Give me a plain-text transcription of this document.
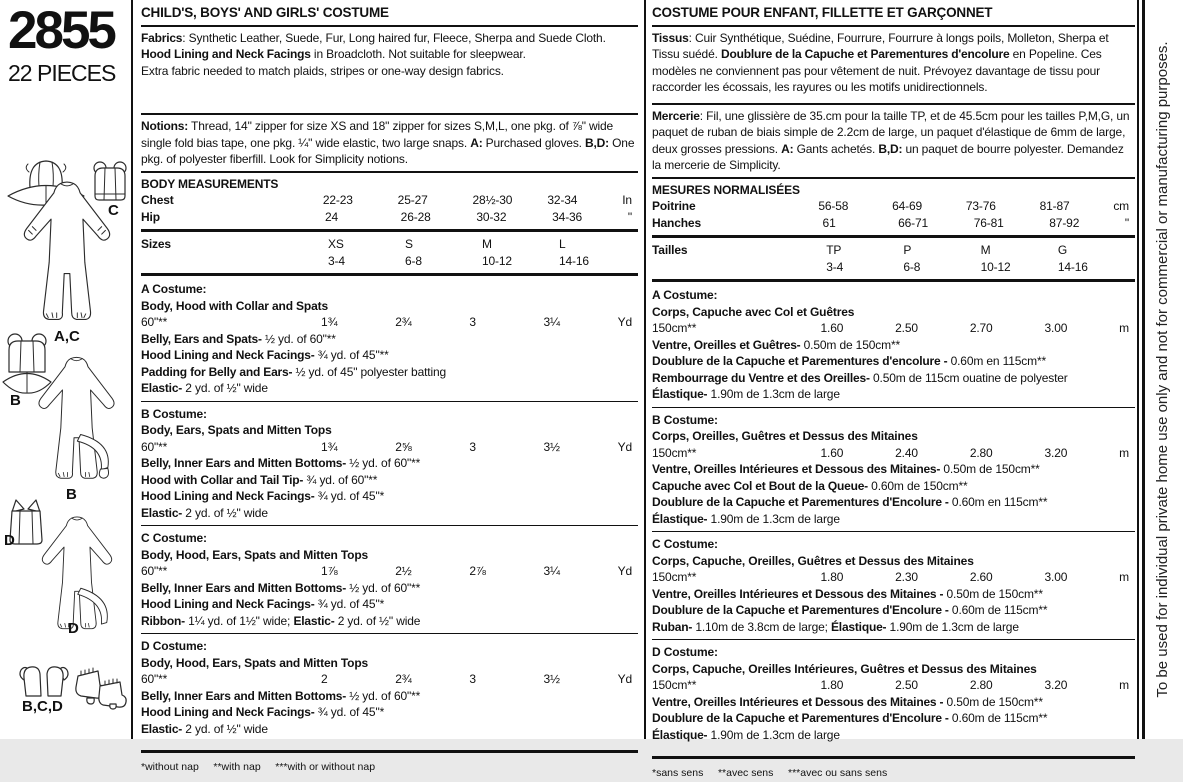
2855
22 PIECES
C
A,C
B
B
D
D
B,C,D
CHILD'S, BOYS' AND GIRLS' COSTUME

Fabrics: Synthetic Leather, Suede, Fur, Long haired fur, Fleece, Sherpa and Suede Cloth.
Hood Lining and Neck Facings in Broadcloth. Not suitable for sleepwear.
Extra fabric needed to match plaids, stripes or one-way design fabrics.

Notions: Thread, 14" zipper for size XS and 18" zipper for sizes S,M,L, one pkg. of ⅞" wide single fold bias tape, one pkg. ¼" wide elastic, two large snaps. A: Purchased gloves. B,D: One pkg. of polyester fiberfill. Look for Simplicity notions.

BODY MEASUREMENTS
Chest	22-23	25-27	28½-30	32-34	In
Hip	24	26-28	30-32	34-36	"
Sizes	XS	S	M	L
3-4	6-8	10-12	14-16
A Costume:
Body, Hood with Collar and Spats
60"**	1¾	2¾	3	3¼	Yd
Belly, Ears and Spats- ½ yd. of 60"**
Hood Lining and Neck Facings- ¾ yd. of 45"**
Padding for Belly and Ears- ½ yd. of 45" polyester batting
Elastic- 2 yd. of ½" wide
B Costume:
Body, Ears, Spats and Mitten Tops
60"**	1¾	2⅝	3	3½	Yd
Belly, Inner Ears and Mitten Bottoms- ½ yd. of 60"**
Hood with Collar and Tail Tip- ¾ yd. of 60"**
Hood Lining and Neck Facings- ¾ yd. of 45"*
Elastic- 2 yd. of ½" wide
C Costume:
Body, Hood, Ears, Spats and Mitten Tops
60"**	1⅞	2½	2⅞	3¼	Yd
Belly, Inner Ears and Mitten Bottoms- ½ yd. of 60"**
Hood Lining and Neck Facings- ¾ yd. of 45"*
Ribbon- 1¼ yd. of 1½" wide; Elastic- 2 yd. of ½" wide
D Costume:
Body, Hood, Ears, Spats and Mitten Tops
60"**	2	2¾	3	3½	Yd
Belly, Inner Ears and Mitten Bottoms- ½ yd. of 60"**
Hood Lining and Neck Facings- ¾ yd. of 45"*
Elastic- 2 yd. of ½" wide
*without nap     **with nap     ***with or without nap
COSTUME POUR ENFANT, FILLETTE ET GARÇONNET

Tissus: Cuir Synthétique, Suédine, Fourrure, Fourrure à longs poils, Molleton, Sherpa et Tissu suédé. Doublure de la Capuche et Parementures d'encolure en Popeline. Ces modèles ne conviennent pas pour vêtement de nuit. Prévoyez davantage de tissu pour raccorder les écossais, les rayures ou les motifs unidirectionnels.

Mercerie: Fil, une glissière de 35.cm pour la taille TP, et de 45.5cm pour les tailles P,M,G, un paquet de ruban de biais simple de 2.2cm de large, un paquet d'élastique de 6mm de large, deux grosses pressions. A: Gants achetés. B,D: un paquet de bourre polyester. Demandez la mercerie de Simplicity.

MESURES NORMALISÉES
Poitrine	56-58	64-69	73-76	81-87	cm
Hanches	61	66-71	76-81	87-92	"
Tailles	TP	P	M	G
3-4	6-8	10-12	14-16
A Costume:
Corps, Capuche avec Col et Guêtres
150cm**	1.60	2.50	2.70	3.00	m
Ventre, Oreilles et Guêtres- 0.50m de 150cm**
Doublure de la Capuche et Parementures d'encolure - 0.60m en 115cm**
Rembourrage du Ventre et des Oreilles- 0.50m de 115cm ouatine de polyester
Élastique- 1.90m de 1.3cm de large
B Costume:
Corps, Oreilles, Guêtres et Dessus des Mitaines
150cm**	1.60	2.40	2.80	3.20	m
Ventre, Oreilles Intérieures et Dessous des Mitaines- 0.50m de 150cm**
Capuche avec Col et Bout de la Queue- 0.60m de 150cm**
Doublure de la Capuche et Parementures d'Encolure - 0.60m en 115cm**
Élastique- 1.90m de 1.3cm de large
C Costume:
Corps, Capuche, Oreilles, Guêtres et Dessus des Mitaines
150cm**	1.80	2.30	2.60	3.00	m
Ventre, Oreilles Intérieures et Dessous des Mitaines - 0.50m de 150cm**
Doublure de la Capuche et Parementures d'Encolure - 0.60m de 115cm**
Ruban- 1.10m de 3.8cm de large; Élastique- 1.90m de 1.3cm de large
D Costume:
Corps, Capuche, Oreilles Intérieures, Guêtres et Dessus des Mitaines
150cm**	1.80	2.50	2.80	3.20	m
Ventre, Oreilles Intérieures et Dessous des Mitaines - 0.50m de 150cm**
Doublure de la Capuche et Parementures d'Encolure - 0.60m de 115cm**
Élastique- 1.90m de 1.3cm de large
*sans sens     **avec sens     ***avec ou sans sens
To be used for individual private home use only and not for commercial or manufacturing purposes.
